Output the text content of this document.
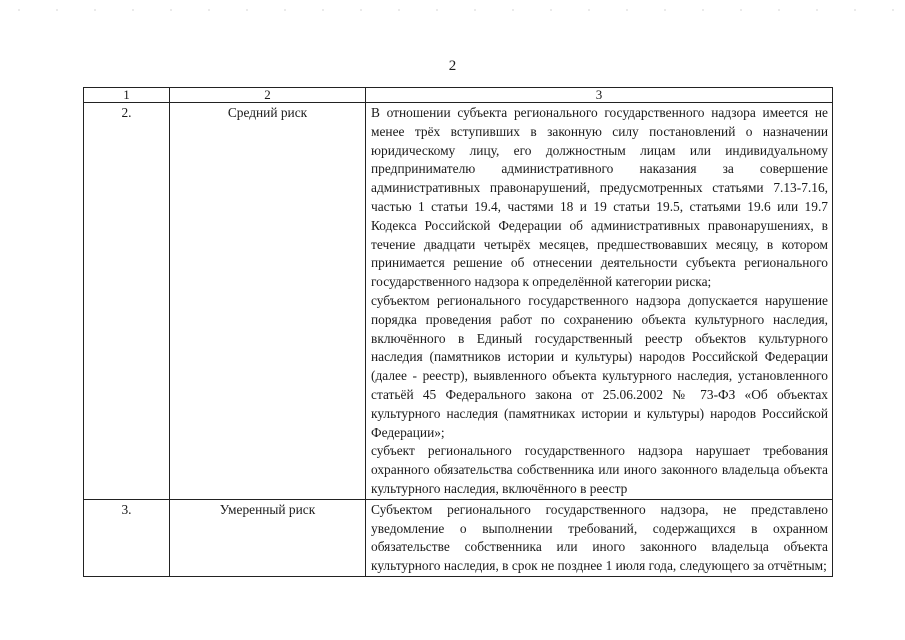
2
1	2	3
2.	Средний риск	В отношении субъекта регионального государственного надзора имеется не менее трёх вступивших в законную силу постановлений о назначении юридическому лицу, его должностным лицам или индивидуальному предпринимателю административного наказания за совершение административных правонарушений, предусмотренных статьями 7.13-7.16, частью 1 статьи 19.4, частями 18 и 19 статьи 19.5, статьями 19.6 или 19.7 Кодекса Российской Федерации об административных правонарушениях, в течение двадцати четырёх месяцев, предшествовавших месяцу, в котором принимается решение об отнесении деятельности субъекта регионального государственного надзора к определённой категории риска;

субъектом регионального государственного надзора допускается нарушение порядка проведения работ по сохранению объекта культурного наследия, включённого в Единый государственный реестр объектов культурного наследия (памятников истории и культуры) народов Российской Федерации (далее - реестр), выявленного объекта культурного наследия, установленного статьёй 45 Федерального закона от 25.06.2002 № 73-ФЗ «Об объектах культурного наследия (памятниках истории и культуры) народов Российской Федерации»;

субъект регионального государственного надзора нарушает требования охранного обязательства собственника или иного законного владельца объекта культурного наследия, включённого в реестр

3.	Умеренный риск	Субъектом регионального государственного надзора, не представлено уведомление о выполнении требований, содержащихся в охранном обязательстве собственника или иного законного владельца объекта культурного наследия, в срок не позднее 1 июля года, следующего за отчётным;
